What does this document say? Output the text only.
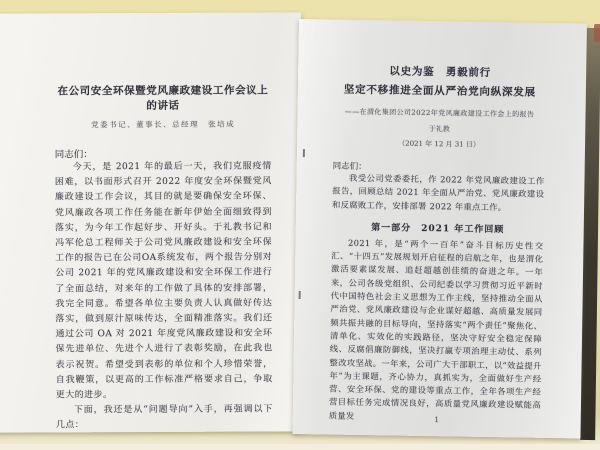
在公司安全环保暨党风廉政建设工作会议上的讲话
党委书记、董事长、总经理　张培成

同志们：

今天，是 2021 年的最后一天，我们克服疫情困难，以书面形式召开 2022 年度安全环保暨党风廉政建设工作会议，其目的就是要确保安全环保、党风廉政各项工作任务能在新年伊始全面细致得到落实，为今年工作起好步、开好头。于礼教书记和冯军伦总工程师关于公司党风廉政建设和安全环保工作的报告已在公司OA系统发布，两个报告分别对公司 2021 年的党风廉政建设和安全环保工作进行了全面总结，对来年的工作做了具体的安排部署，我完全同意。希望各单位主要负责人认真做好传达落实，做到原汁原味传达，全面精准落实。我们还通过公司 OA 对 2021 年度党风廉政建设和安全环保先进单位、先进个人进行了表彰奖励，在此我也表示祝贺。希望受到表彰的单位和个人珍惜荣誉，自我鞭策，以更高的工作标准严格要求自己，争取更大的进步。

下面，我还是从“问题导向”入手，再强调以下几点：

以史为鉴　勇毅前行
坚定不移推进全面从严治党向纵深发展
——在渭化集团公司2022年党风廉政建设工作会上的报告
于礼教
（2021 年 12 月 31 日）

同志们：

我受公司党委委托，作 2022 年党风廉政建设工作报告，回顾总结 2021 年全面从严治党、党风廉政建设和反腐败工作，安排部署 2022 年重点工作。

第一部分　2021 年工作回顾

2021 年，是“两个一百年”奋斗目标历史性交汇、“十四五”发展规划开启征程的启航之年，也是渭化激活要素谋发展、追赶超越创佳绩的奋进之年。一年来，公司各级党组织、公司纪委以学习贯彻习近平新时代中国特色社会主义思想为工作主线，坚持推动全面从严治党、党风廉政建设与企业谋好超越、高质量发展同频共振共融的目标导向，坚持落实“两个责任”聚焦化、清单化、实效化的实践路径，坚决守好安全稳定保障线、反腐倡廉防御线，坚决打赢专项治理主动仗、系列整改攻坚战。一年来，公司广大干部职工，以“效益提升年”为主课题，齐心协力，真抓实为，全面做好生产经营、安全环保、党的建设等重点工作，全年各项生产经营目标任务完成情况良好，高质量党风廉政建设赋能高质量发	1
